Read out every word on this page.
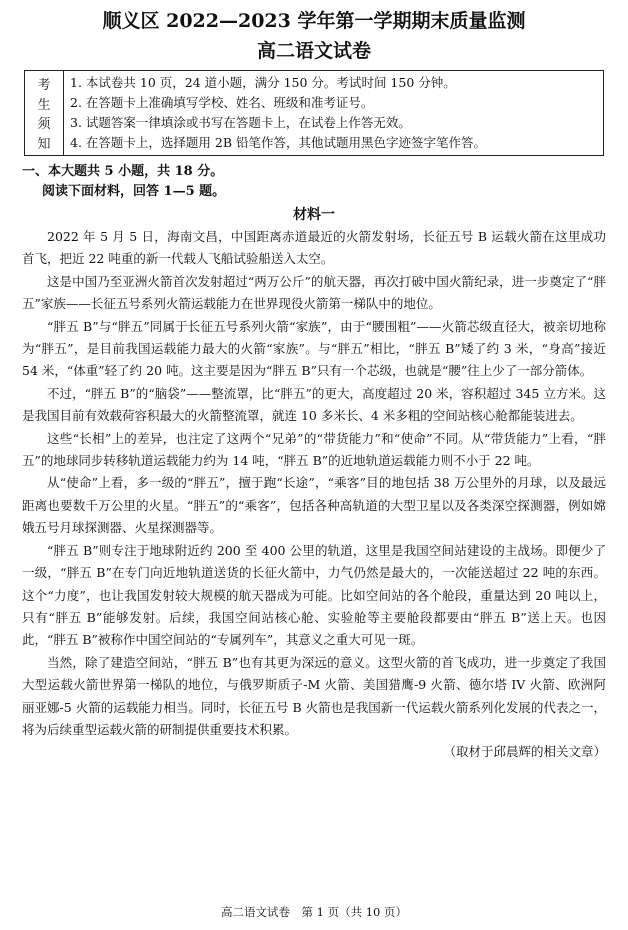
顺义区 2022—2023 学年第一学期期末质量监测
高二语文试卷
考
生
须
知
1. 本试卷共 10 页，24 道小题，满分 150 分。考试时间 150 分钟。
2. 在答题卡上准确填写学校、姓名、班级和准考证号。
3. 试题答案一律填涂或书写在答题卡上，在试卷上作答无效。
4. 在答题卡上，选择题用 2B 铅笔作答，其他试题用黑色字迹签字笔作答。

一、本大题共 5 小题，共 18 分。

阅读下面材料，回答 1—5 题。

材料一

2022 年 5 月 5 日，海南文昌，中国距离赤道最近的火箭发射场，长征五号 B 运载火箭在这里成功首飞，把近 22 吨重的新一代载人飞船试验船送入太空。

这是中国乃至亚洲火箭首次发射超过“两万公斤”的航天器，再次打破中国火箭纪录，进一步奠定了“胖五”家族——长征五号系列火箭运载能力在世界现役火箭第一梯队中的地位。

“胖五 B”与“胖五”同属于长征五号系列火箭“家族”，由于“腰围粗”——火箭芯级直径大，被亲切地称为“胖五”，是目前我国运载能力最大的火箭“家族”。与“胖五”相比，“胖五 B”矮了约 3 米，“身高”接近 54 米，“体重”轻了约 20 吨。这主要是因为“胖五 B”只有一个芯级，也就是“腰”往上少了一部分箭体。

不过，“胖五 B”的“脑袋”——整流罩，比“胖五”的更大，高度超过 20 米，容积超过 345 立方米。这是我国目前有效载荷容积最大的火箭整流罩，就连 10 多米长、4 米多粗的空间站核心舱都能装进去。

这些“长相”上的差异，也注定了这两个“兄弟”的“带货能力”和“使命”不同。从“带货能力”上看，“胖五”的地球同步转移轨道运载能力约为 14 吨，“胖五 B”的近地轨道运载能力则不小于 22 吨。

从“使命”上看，多一级的“胖五”，擅于跑“长途”，“乘客”目的地包括 38 万公里外的月球，以及最远距离也要数千万公里的火星。“胖五”的“乘客”，包括各种高轨道的大型卫星以及各类深空探测器，例如嫦娥五号月球探测器、火星探测器等。

“胖五 B”则专注于地球附近约 200 至 400 公里的轨道，这里是我国空间站建设的主战场。即便少了一级，“胖五 B”在专门向近地轨道送货的长征火箭中，力气仍然是最大的，一次能送超过 22 吨的东西。这个“力度”，也让我国发射较大规模的航天器成为可能。比如空间站的各个舱段，重量达到 20 吨以上，只有“胖五 B”能够发射。后续，我国空间站核心舱、实验舱等主要舱段都要由“胖五 B”送上天。也因此，“胖五 B”被称作中国空间站的“专属列车”，其意义之重大可见一斑。

当然，除了建造空间站，“胖五 B”也有其更为深远的意义。这型火箭的首飞成功，进一步奠定了我国大型运载火箭世界第一梯队的地位，与俄罗斯质子-M 火箭、美国猎鹰-9 火箭、德尔塔 IV 火箭、欧洲阿丽亚娜-5 火箭的运载能力相当。同时，长征五号 B 火箭也是我国新一代运载火箭系列化发展的代表之一，将为后续重型运载火箭的研制提供重要技术积累。

（取材于邱晨辉的相关文章）

高二语文试卷　第 1 页（共 10 页）
